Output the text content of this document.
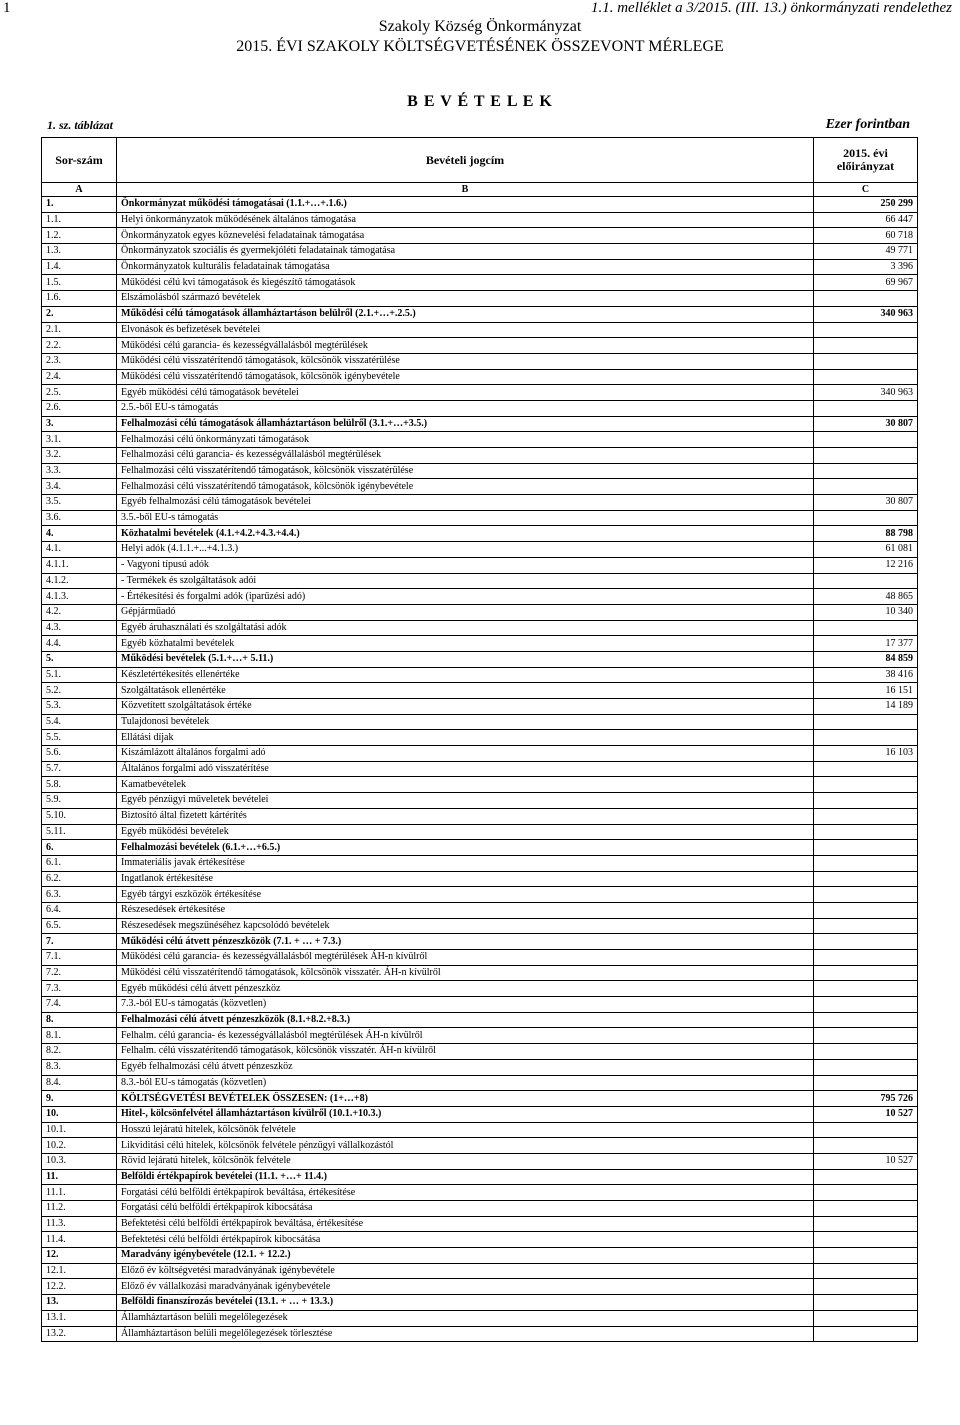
1	1.1. melléklet a 3/2015. (III. 13.) önkormányzati rendelethez
Szakoly Község Önkormányzat
2015. ÉVI SZAKOLY KÖLTSÉGVETÉSÉNEK ÖSSZEVONT MÉRLEGE
B E V É T E L E K
1. sz. táblázat	Ezer forintban
Sor-szám	Bevételi jogcím	2015. évi előirányzat
A	B	C
1.	Önkormányzat működési támogatásai (1.1.+…+.1.6.)	250 299
1.1.	Helyi önkormányzatok működésének általános támogatása	66 447
1.2.	Önkormányzatok egyes köznevelési feladatainak támogatása	60 718
1.3.	Önkormányzatok szociális és gyermekjóléti feladatainak támogatása	49 771
1.4.	Önkormányzatok kulturális feladatainak támogatása	3 396
1.5.	Működési célú kvi támogatások és kiegészítő támogatások	69 967
1.6.	Elszámolásból származó bevételek	
2.	Működési célú támogatások államháztartáson belülről (2.1.+…+.2.5.)	340 963
2.1.	Elvonások és befizetések bevételei	
2.2.	Működési célú garancia- és kezességvállalásból megtérülések	
2.3.	Működési célú visszatérítendő támogatások, kölcsönök visszatérülése	
2.4.	Működési célú visszatérítendő támogatások, kölcsönök igénybevétele	
2.5.	Egyéb működési célú támogatások bevételei	340 963
2.6.	2.5.-ből EU-s támogatás	
3.	Felhalmozási célú támogatások államháztartáson belülről (3.1.+…+3.5.)	30 807
3.1.	Felhalmozási célú önkormányzati támogatások	
3.2.	Felhalmozási célú garancia- és kezességvállalásból megtérülések	
3.3.	Felhalmozási célú visszatérítendő támogatások, kölcsönök visszatérülése	
3.4.	Felhalmozási célú visszatérítendő támogatások, kölcsönök igénybevétele	
3.5.	Egyéb felhalmozási célú támogatások bevételei	30 807
3.6.	3.5.-ből EU-s támogatás	
4.	Közhatalmi bevételek (4.1.+4.2.+4.3.+4.4.)	88 798
4.1.	Helyi adók (4.1.1.+...+4.1.3.)	61 081
4.1.1.	- Vagyoni típusú adók	12 216
4.1.2.	- Termékek és szolgáltatások adói	
4.1.3.	- Értékesítési és forgalmi adók (iparűzési adó)	48 865
4.2.	Gépjárműadó	10 340
4.3.	Egyéb áruhasználati és szolgáltatási adók	
4.4.	Egyéb közhatalmi bevételek	17 377
5.	Működési bevételek (5.1.+…+ 5.11.)	84 859
5.1.	Készletértékesítés ellenértéke	38 416
5.2.	Szolgáltatások ellenértéke	16 151
5.3.	Közvetített szolgáltatások értéke	14 189
5.4.	Tulajdonosi bevételek	
5.5.	Ellátási díjak	
5.6.	Kiszámlázott általános forgalmi adó	16 103
5.7.	Általános forgalmi adó visszatérítése	
5.8.	Kamatbevételek	
5.9.	Egyéb pénzügyi műveletek bevételei	
5.10.	Biztosító által fizetett kártérítés	
5.11.	Egyéb működési bevételek	
6.	Felhalmozási bevételek (6.1.+…+6.5.)	
6.1.	Immateriális javak értékesítése	
6.2.	Ingatlanok értékesítése	
6.3.	Egyéb tárgyi eszközök értékesítése	
6.4.	Részesedések értékesítése	
6.5.	Részesedések megszűnéséhez kapcsolódó bevételek	
7.	Működési célú átvett pénzeszközök (7.1. + … + 7.3.)	
7.1.	Működési célú garancia- és kezességvállalásból megtérülések ÁH-n kívülről	
7.2.	Működési célú visszatérítendő támogatások, kölcsönök visszatér. ÁH-n kívülről	
7.3.	Egyéb működési célú átvett pénzeszköz	
7.4.	7.3.-ból EU-s támogatás (közvetlen)	
8.	Felhalmozási célú átvett pénzeszközök (8.1.+8.2.+8.3.)	
8.1.	Felhalm. célú garancia- és kezességvállalásból megtérülések ÁH-n kívülről	
8.2.	Felhalm. célú visszatérítendő támogatások, kölcsönök visszatér. ÁH-n kívülről	
8.3.	Egyéb felhalmozási célú átvett pénzeszköz	
8.4.	8.3.-ból EU-s támogatás (közvetlen)	
9.	KÖLTSÉGVETÉSI BEVÉTELEK ÖSSZESEN: (1+…+8)	795 726
10.	Hitel-, kölcsönfelvétel államháztartáson kívülről (10.1.+10.3.)	10 527
10.1.	Hosszú lejáratú hitelek, kölcsönök felvétele	
10.2.	Likviditási célú hitelek, kölcsönök felvétele pénzügyi vállalkozástól	
10.3.	Rövid lejáratú hitelek, kölcsönök felvétele	10 527
11.	Belföldi értékpapírok bevételei (11.1. +…+ 11.4.)	
11.1.	Forgatási célú belföldi értékpapírok beváltása, értékesítése	
11.2.	Forgatási célú belföldi értékpapírok kibocsátása	
11.3.	Befektetési célú belföldi értékpapírok beváltása, értékesítése	
11.4.	Befektetési célú belföldi értékpapírok kibocsátása	
12.	Maradvány igénybevétele (12.1. + 12.2.)	
12.1.	Előző év költségvetési maradványának igénybevétele	
12.2.	Előző év vállalkozási maradványának igénybevétele	
13.	Belföldi finanszírozás bevételei (13.1. + … + 13.3.)	
13.1.	Államháztartáson belüli megelőlegezések	
13.2.	Államháztartáson belüli megelőlegezések törlesztése	
